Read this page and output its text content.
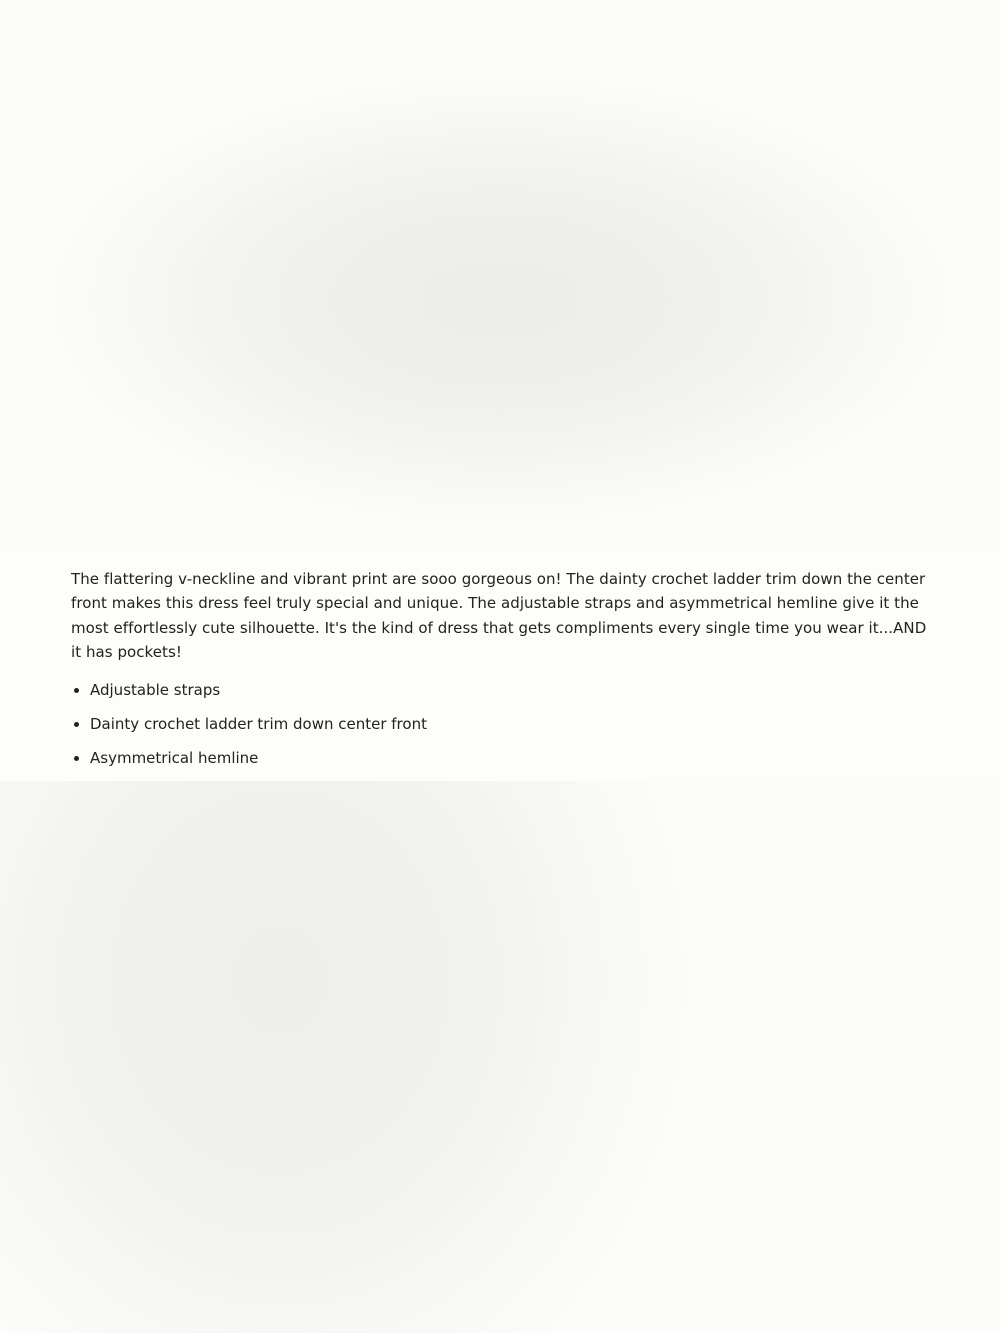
The flattering v-neckline and vibrant print are sooo gorgeous on! The dainty crochet ladder trim down the center front makes this dress feel truly special and unique. The adjustable straps and asymmetrical hemline give it the most effortlessly cute silhouette. It's the kind of dress that gets compliments every single time you wear it...AND it has pockets!

• Adjustable straps
• Dainty crochet ladder trim down center front
• Asymmetrical hemline
